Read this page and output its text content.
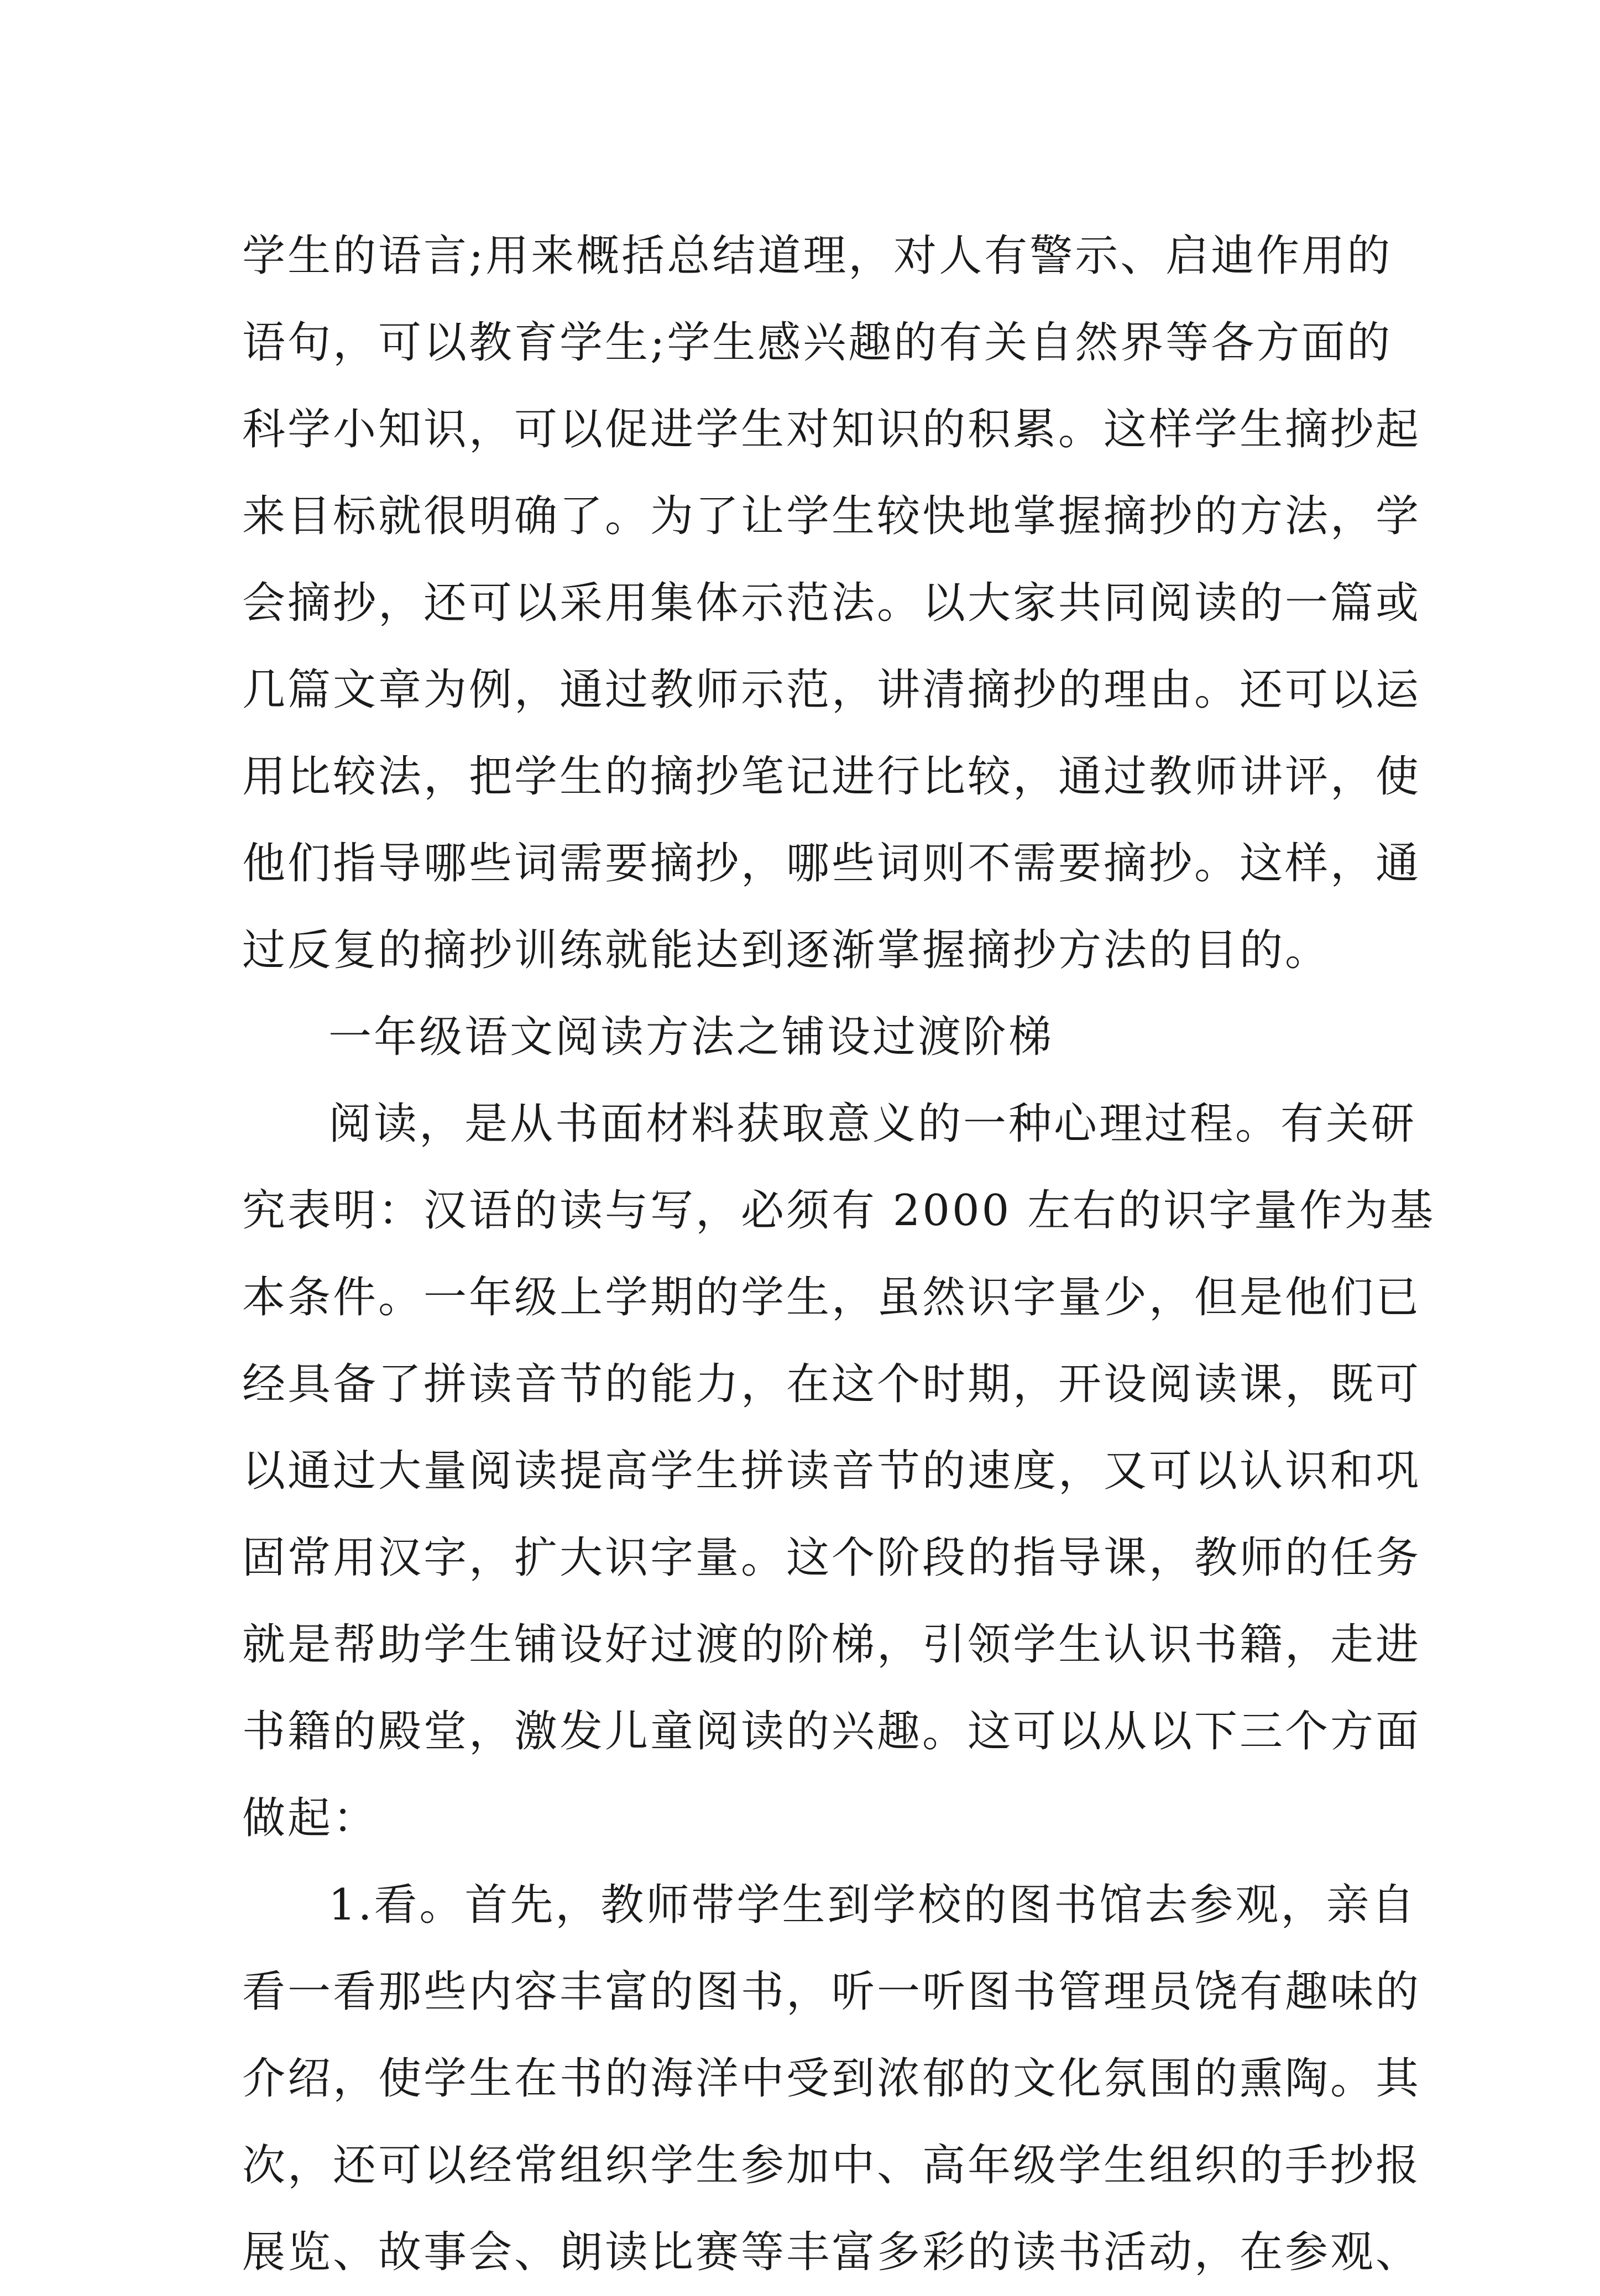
学生的语言;用来概括总结道理，对人有警示、启迪作用的
语句，可以教育学生;学生感兴趣的有关自然界等各方面的
科学小知识，可以促进学生对知识的积累。这样学生摘抄起
来目标就很明确了。为了让学生较快地掌握摘抄的方法，学
会摘抄，还可以采用集体示范法。以大家共同阅读的一篇或
几篇文章为例，通过教师示范，讲清摘抄的理由。还可以运
用比较法，把学生的摘抄笔记进行比较，通过教师讲评，使
他们指导哪些词需要摘抄，哪些词则不需要摘抄。这样，通
过反复的摘抄训练就能达到逐渐掌握摘抄方法的目的。
一年级语文阅读方法之铺设过渡阶梯
阅读，是从书面材料获取意义的一种心理过程。有关研
究表明：汉语的读与写，必须有 2000 左右的识字量作为基
本条件。一年级上学期的学生，虽然识字量少，但是他们已
经具备了拼读音节的能力，在这个时期，开设阅读课，既可
以通过大量阅读提高学生拼读音节的速度，又可以认识和巩
固常用汉字，扩大识字量。这个阶段的指导课，教师的任务
就是帮助学生铺设好过渡的阶梯，引领学生认识书籍，走进
书籍的殿堂，激发儿童阅读的兴趣。这可以从以下三个方面
做起：
1.看。首先，教师带学生到学校的图书馆去参观，亲自
看一看那些内容丰富的图书，听一听图书管理员饶有趣味的
介绍，使学生在书的海洋中受到浓郁的文化氛围的熏陶。其
次，还可以经常组织学生参加中、高年级学生组织的手抄报
展览、故事会、朗读比赛等丰富多彩的读书活动，在参观、
